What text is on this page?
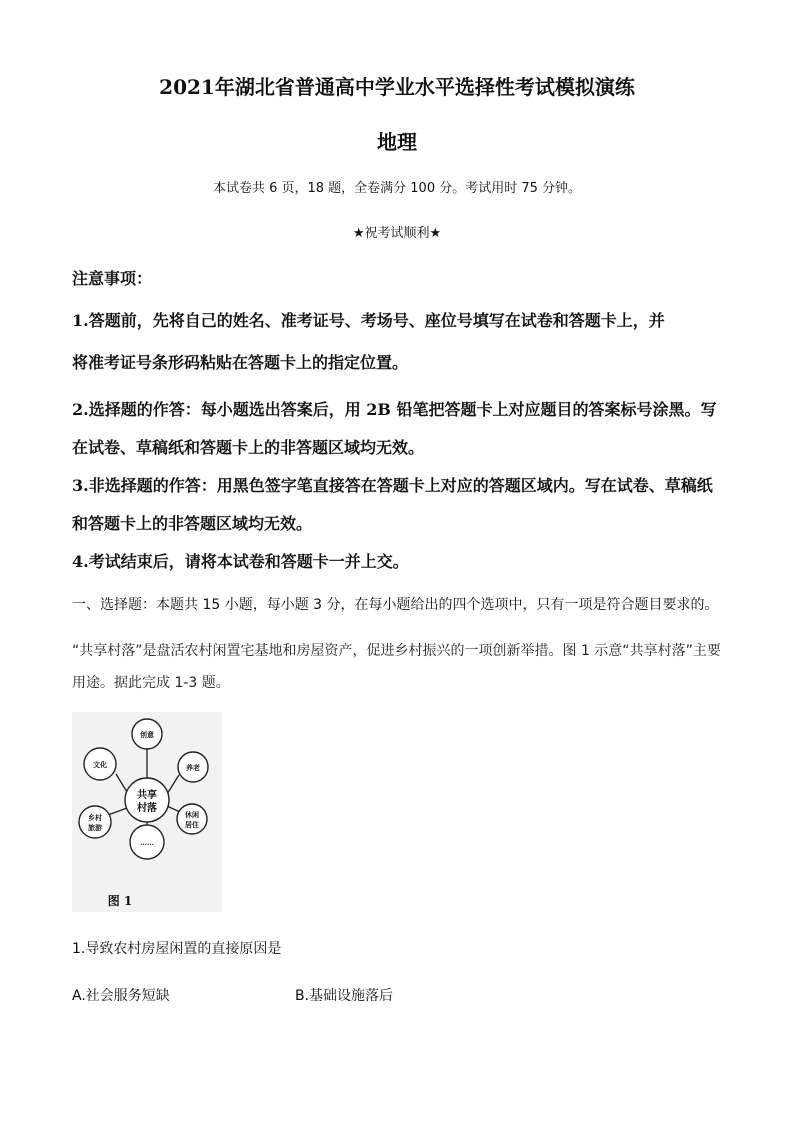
2021年湖北省普通高中学业水平选择性考试模拟演练
地理
本试卷共 6 页，18 题，全卷满分 100 分。考试用时 75 分钟。
★祝考试顺利★
注意事项：
1.答题前，先将自己的姓名、准考证号、考场号、座位号填写在试卷和答题卡上，并
将准考证号条形码粘贴在答题卡上的指定位置。
2.选择题的作答：每小题选出答案后，用 2B 铅笔把答题卡上对应题目的答案标号涂黑。写在试卷、草稿纸和答题卡上的非答题区域均无效。
3.非选择题的作答：用黑色签字笔直接答在答题卡上对应的答题区域内。写在试卷、草稿纸和答题卡上的非答题区域均无效。
4.考试结束后，请将本试卷和答题卡一并上交。
一、选择题：本题共 15 小题，每小题 3 分，在每小题给出的四个选项中，只有一项是符合题目要求的。
“共享村落”是盘活农村闲置宅基地和房屋资产，促进乡村振兴的一项创新举措。图 1 示意“共享村落”主要用途。据此完成 1-3 题。
共享
村落
创意
养老
休闲
居住
……
乡村
旅游
文化
图 1
1.导致农村房屋闲置的直接原因是
A.社会服务短缺	B.基础设施落后
